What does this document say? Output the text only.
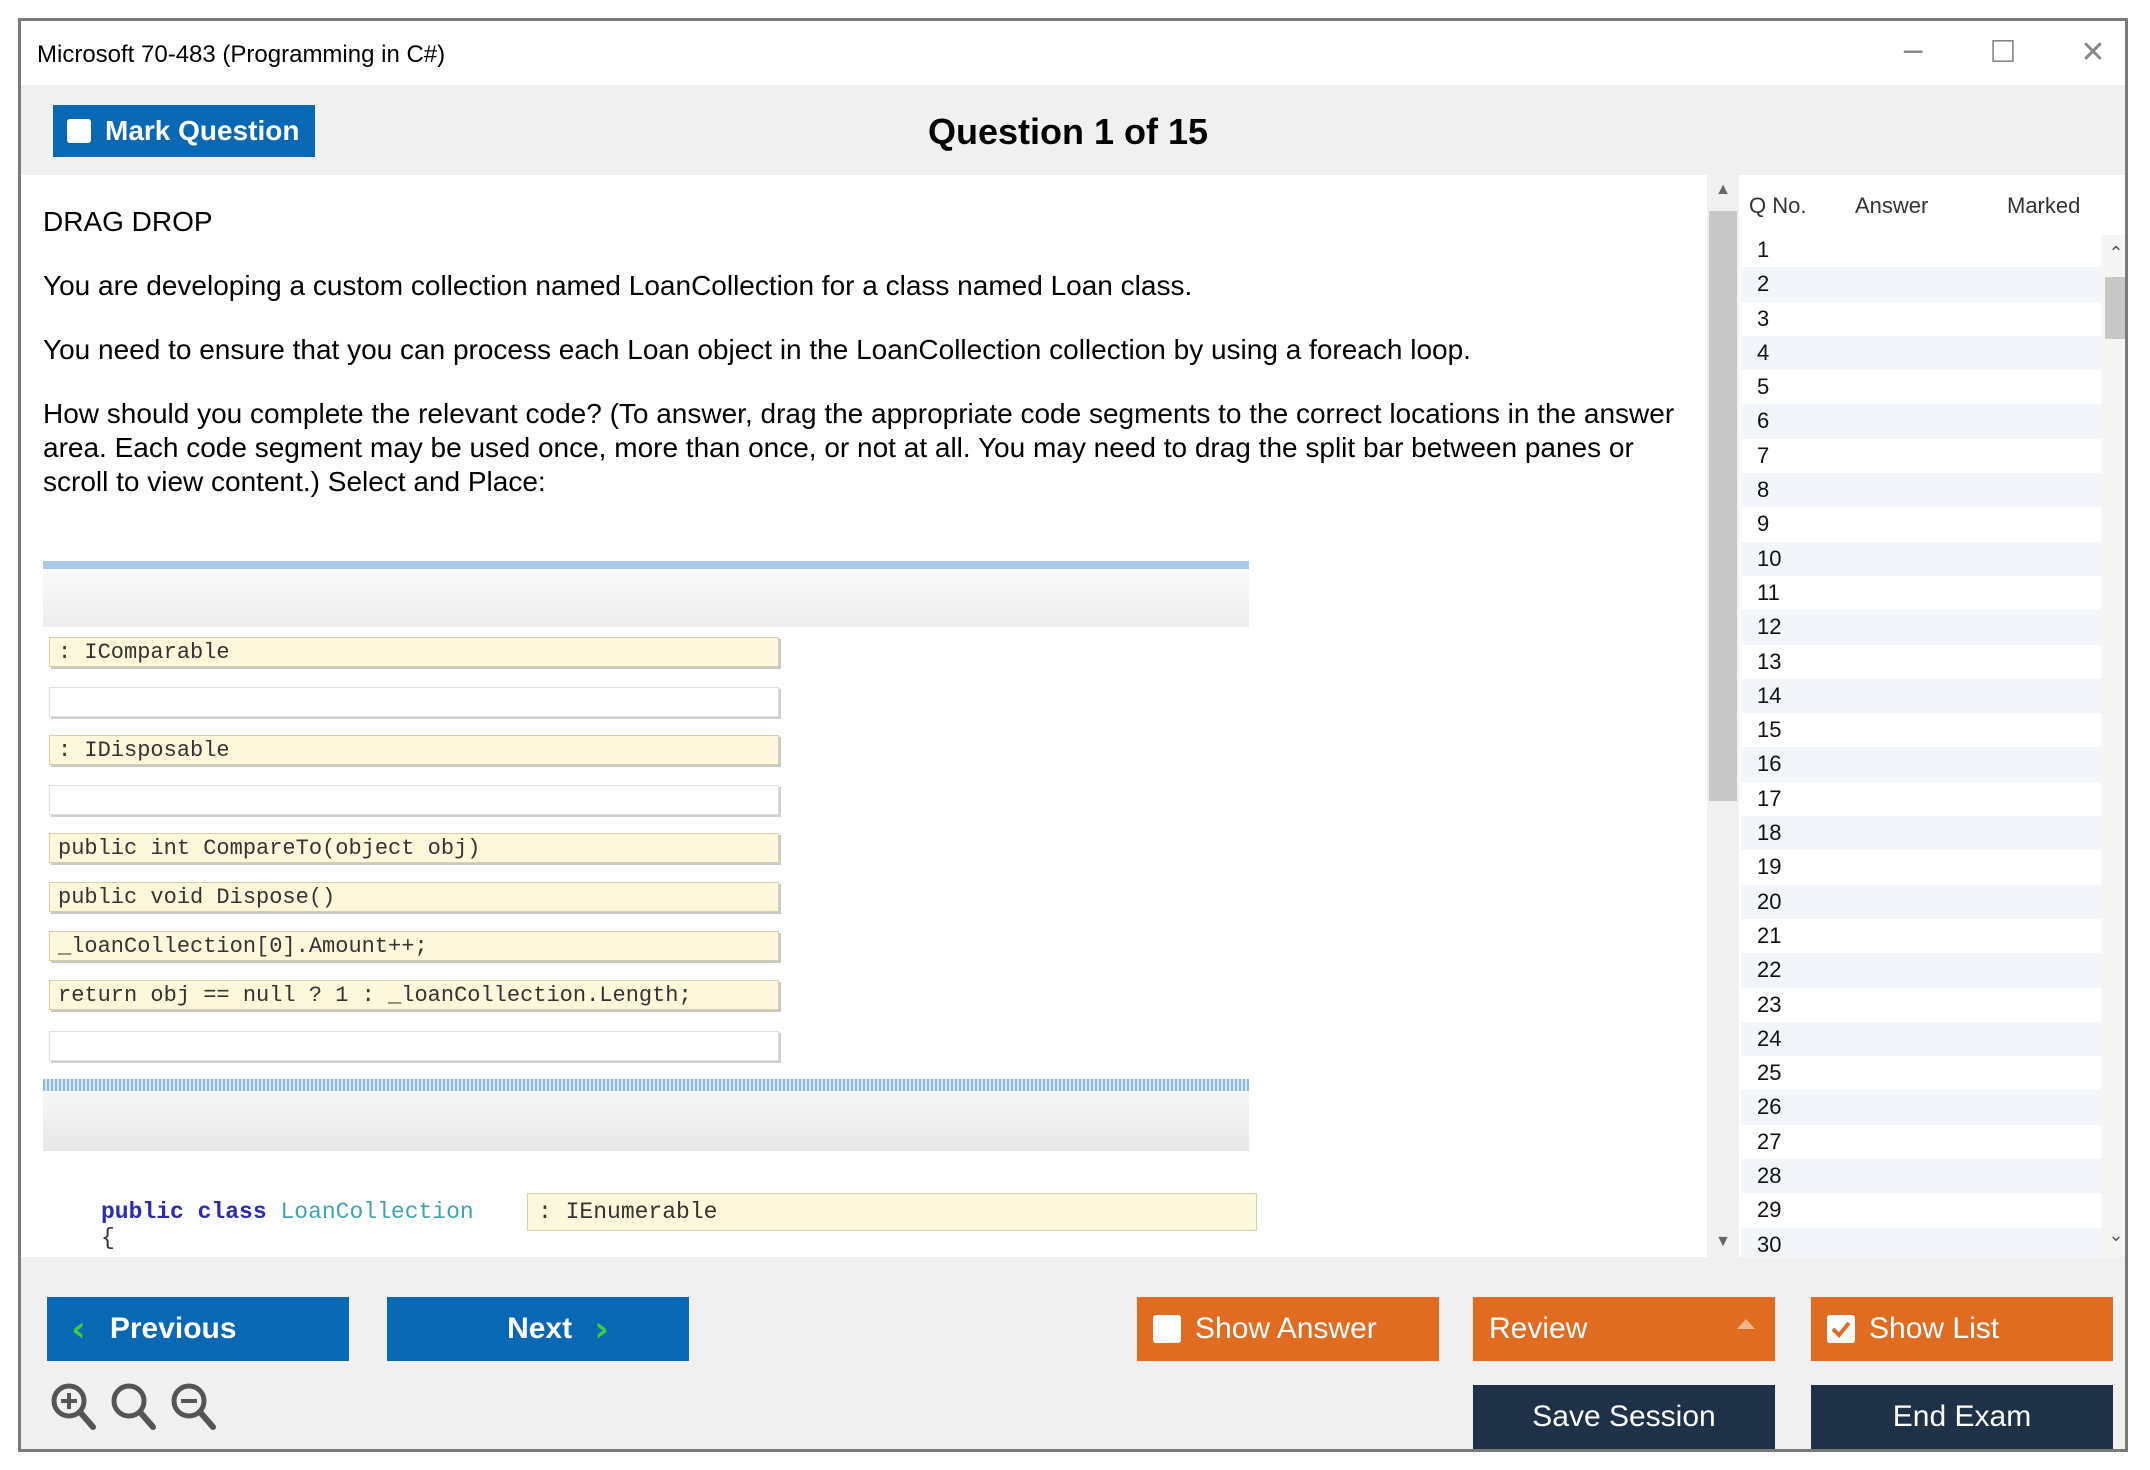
Microsoft 70-483 (Programming in C#)	─	☐	✕
Mark Question	Question 1 of 15

DRAG DROP

You are developing a custom collection named LoanCollection for a class named Loan class.

You need to ensure that you can process each Loan object in the LoanCollection collection by using a foreach loop.

How should you complete the relevant code? (To answer, drag the appropriate code segments to the correct locations in the answer area. Each code segment may be used once, more than once, or not at all. You may need to drag the split bar between panes or scroll to view content.) Select and Place:

: IComparable
: IDisposable
public int CompareTo(object obj)
public void Dispose()
_loanCollection[0].Amount++;
return obj == null ? 1 : _loanCollection.Length;
public class LoanCollection
{
: IEnumerable
▲
▼
Q No. Answer	Marked
1
2
3
4
5
6
7
8
9
10
11
12
13
14
15
16
17
18
19
20
21
22
23
24
25
26
27
28
29
30
⌃
⌄
‹ Previous	Next ›	Show Answer	Review	Show List
Save Session	End Exam
